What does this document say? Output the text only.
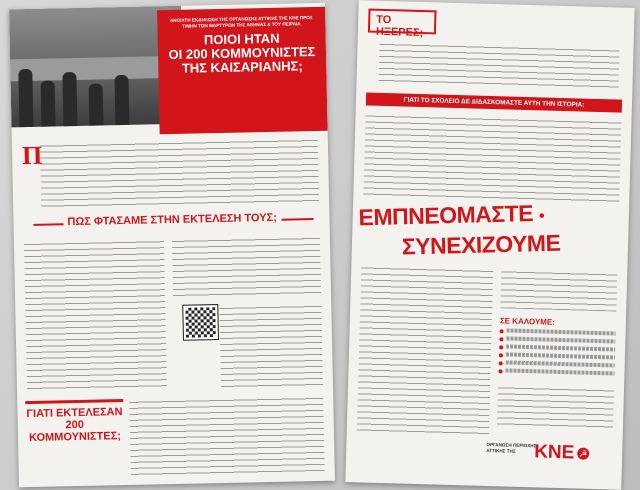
ΑΝΟΙΧΤΗ ΕΚΔΗΛΩΣΗ ΤΗΣ ΟΡΓΑΝΩΣΗΣ ΑΤΤΙΚΗΣ ΤΗΣ ΚΝΕ ΠΡΟΣ ΤΙΜΗΝ ΤΩΝ ΜΑΡΤΥΡΩΝ ΤΗΣ ΑΘΗΝΑΣ & ΤΟΥ ΠΕΙΡΑΙΑ
ΠΟΙΟΙ ΗΤΑΝ
ΟΙ 200 ΚΟΜΜΟΥΝΙΣΤΕΣ
ΤΗΣ ΚΑΙΣΑΡΙΑΝΗΣ;
Π
ΠΩΣ ΦΤΑΣΑΜΕ ΣΤΗΝ ΕΚΤΕΛΕΣΗ ΤΟΥΣ;
ΓΙΑΤΙ ΕΚΤΕΛΕΣΑΝ
200
ΚΟΜΜΟΥΝΙΣΤΕΣ;
ΤΟ ΗΞΕΡΕΣ;
ΓΙΑΤΙ ΤΟ ΣΧΟΛΕΙΟ ΔΕ ΔΙΔΑΣΚΟΜΑΣΤΕ ΑΥΤΗ ΤΗΝ ΙΣΤΟΡΙΑ;
ΕΜΠΝΕΟΜΑΣΤΕ •
ΣΥΝΕΧΙΖΟΥΜΕ
ΣΕ ΚΑΛΟΥΜΕ:
ΟΡΓΑΝΩΣΗ ΠΕΡΙΟΧΗΣ
ΑΤΤΙΚΗΣ ΤΗΣ ΚΝΕ ☭
